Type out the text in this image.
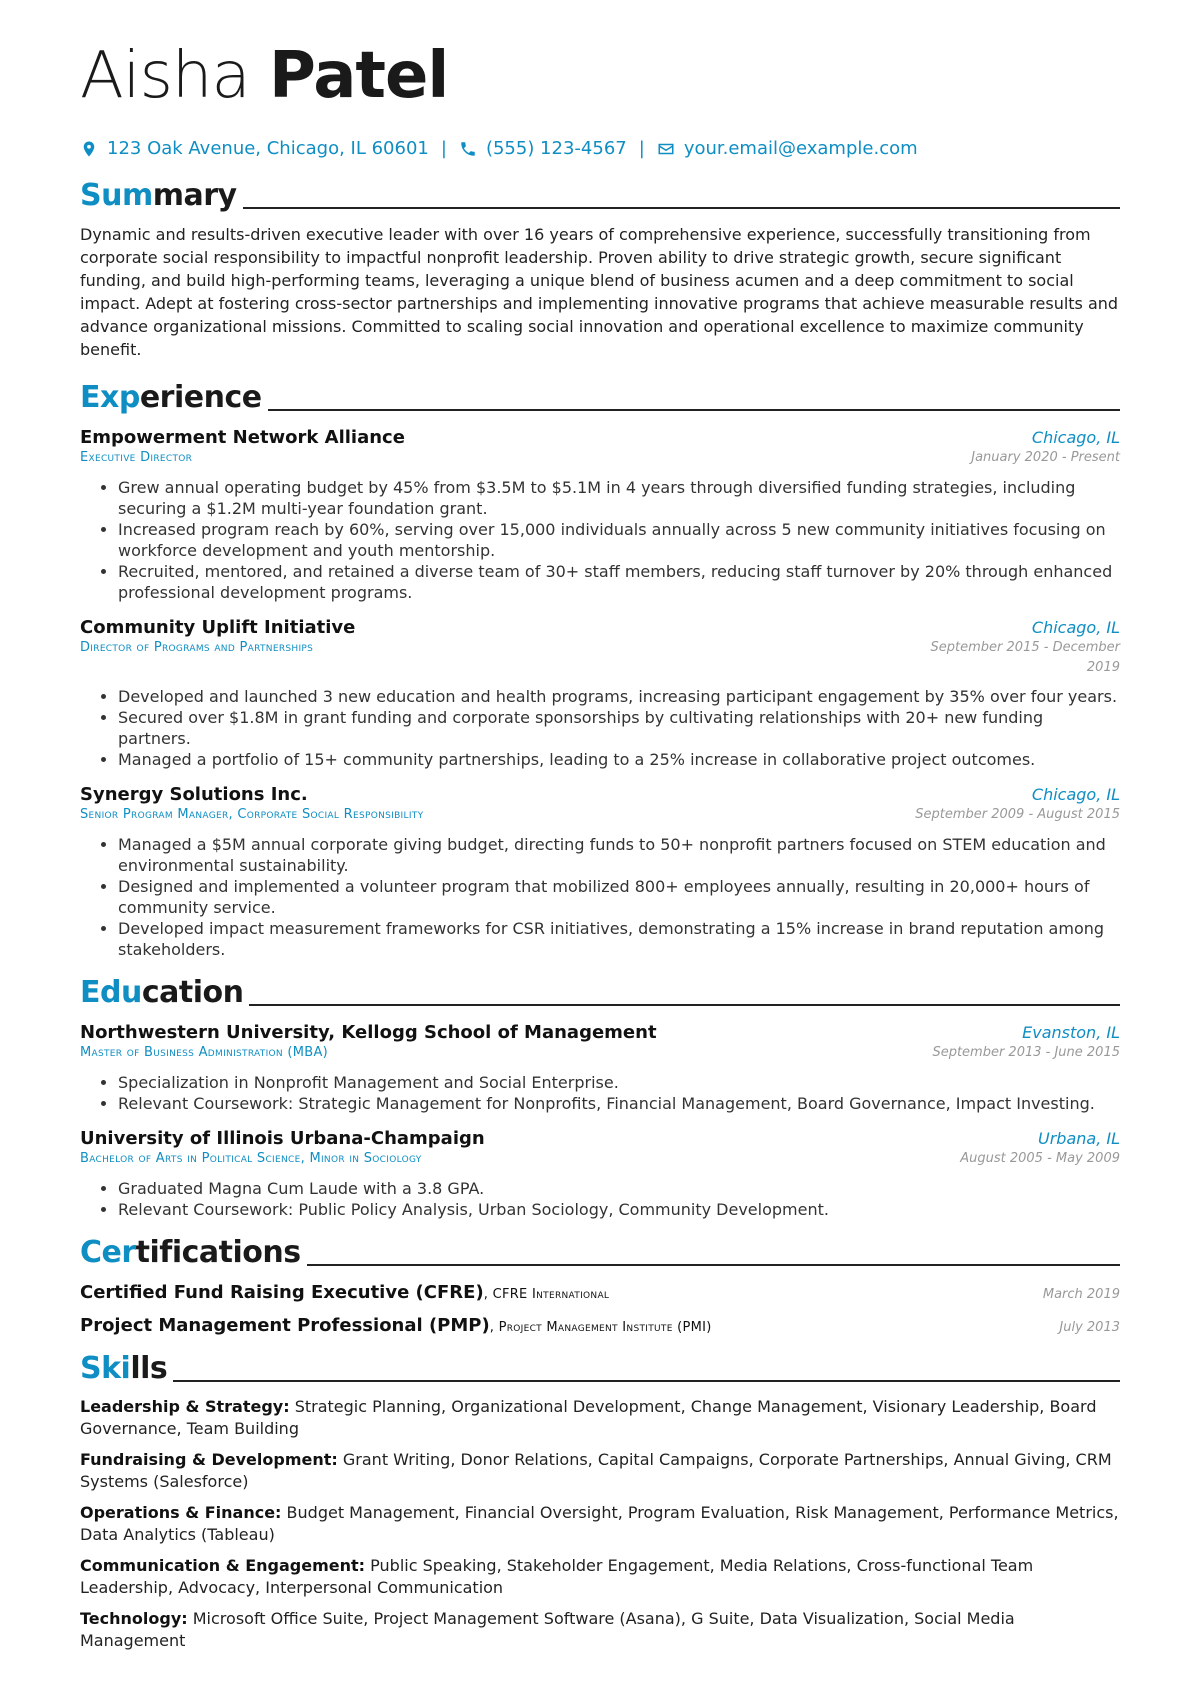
Aisha Patel
123 Oak Avenue, Chicago, IL 60601 | (555) 123-4567 | your.email@example.com
Summary
Dynamic and results-driven executive leader with over 16 years of comprehensive experience, successfully transitioning from corporate social responsibility to impactful nonprofit leadership. Proven ability to drive strategic growth, secure significant funding, and build high-performing teams, leveraging a unique blend of business acumen and a deep commitment to social impact. Adept at fostering cross-sector partnerships and implementing innovative programs that achieve measurable results and advance organizational missions. Committed to scaling social innovation and operational excellence to maximize community benefit.
Experience
Empowerment Network Alliance	Chicago, IL
Executive Director	January 2020 - Present
• Grew annual operating budget by 45% from $3.5M to $5.1M in 4 years through diversified funding strategies, including securing a $1.2M multi-year foundation grant.
• Increased program reach by 60%, serving over 15,000 individuals annually across 5 new community initiatives focusing on workforce development and youth mentorship.
• Recruited, mentored, and retained a diverse team of 30+ staff members, reducing staff turnover by 20% through enhanced professional development programs.
Community Uplift Initiative	Chicago, IL
Director of Programs and Partnerships	September 2015 - December 2019
• Developed and launched 3 new education and health programs, increasing participant engagement by 35% over four years.
• Secured over $1.8M in grant funding and corporate sponsorships by cultivating relationships with 20+ new funding partners.
• Managed a portfolio of 15+ community partnerships, leading to a 25% increase in collaborative project outcomes.
Synergy Solutions Inc.	Chicago, IL
Senior Program Manager, Corporate Social Responsibility	September 2009 - August 2015
• Managed a $5M annual corporate giving budget, directing funds to 50+ nonprofit partners focused on STEM education and environmental sustainability.
• Designed and implemented a volunteer program that mobilized 800+ employees annually, resulting in 20,000+ hours of community service.
• Developed impact measurement frameworks for CSR initiatives, demonstrating a 15% increase in brand reputation among stakeholders.
Education
Northwestern University, Kellogg School of Management	Evanston, IL
Master of Business Administration (MBA)	September 2013 - June 2015
• Specialization in Nonprofit Management and Social Enterprise.
• Relevant Coursework: Strategic Management for Nonprofits, Financial Management, Board Governance, Impact Investing.
University of Illinois Urbana-Champaign	Urbana, IL
Bachelor of Arts in Political Science, Minor in Sociology	August 2005 - May 2009
• Graduated Magna Cum Laude with a 3.8 GPA.
• Relevant Coursework: Public Policy Analysis, Urban Sociology, Community Development.
Certifications
Certified Fund Raising Executive (CFRE), CFRE International	March 2019
Project Management Professional (PMP), Project Management Institute (PMI)	July 2013
Skills
Leadership & Strategy: Strategic Planning, Organizational Development, Change Management, Visionary Leadership, Board Governance, Team Building
Fundraising & Development: Grant Writing, Donor Relations, Capital Campaigns, Corporate Partnerships, Annual Giving, CRM Systems (Salesforce)
Operations & Finance: Budget Management, Financial Oversight, Program Evaluation, Risk Management, Performance Metrics, Data Analytics (Tableau)
Communication & Engagement: Public Speaking, Stakeholder Engagement, Media Relations, Cross-functional Team Leadership, Advocacy, Interpersonal Communication
Technology: Microsoft Office Suite, Project Management Software (Asana), G Suite, Data Visualization, Social Media Management
